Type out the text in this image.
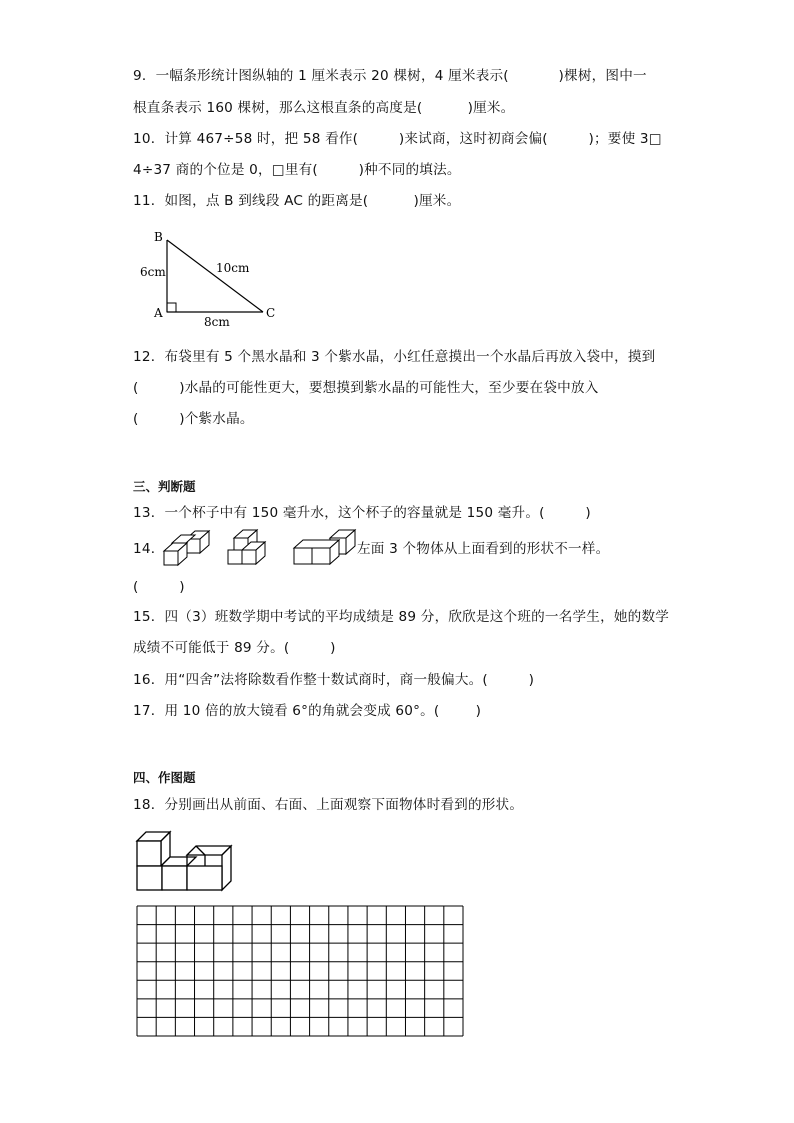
9．一幅条形统计图纵轴的 1 厘米表示 20 棵树，4 厘米表示(           )棵树，图中一
根直条表示 160 棵树，那么这根直条的高度是(          )厘米。
10．计算 467÷58 时，把 58 看作(         )来试商，这时初商会偏(         )；要使 3□
4÷37 商的个位是 0，□里有(         )种不同的填法。
11．如图，点 B 到线段 AC 的距离是(          )厘米。
B
A	C
6cm	10cm
8cm
12．布袋里有 5 个黑水晶和 3 个紫水晶，小红任意摸出一个水晶后再放入袋中，摸到
(         )水晶的可能性更大，要想摸到紫水晶的可能性大，至少要在袋中放入
(         )个紫水晶。
三、判断题
13．一个杯子中有 150 毫升水，这个杯子的容量就是 150 毫升。(         )
14．	左面 3 个物体从上面看到的形状不一样。
(         )
15．四（3）班数学期中考试的平均成绩是 89 分，欣欣是这个班的一名学生，她的数学
成绩不可能低于 89 分。(         )
16．用“四舍”法将除数看作整十数试商时，商一般偏大。(         )
17．用 10 倍的放大镜看 6°的角就会变成 60°。(        )
四、作图题
18．分别画出从前面、右面、上面观察下面物体时看到的形状。
